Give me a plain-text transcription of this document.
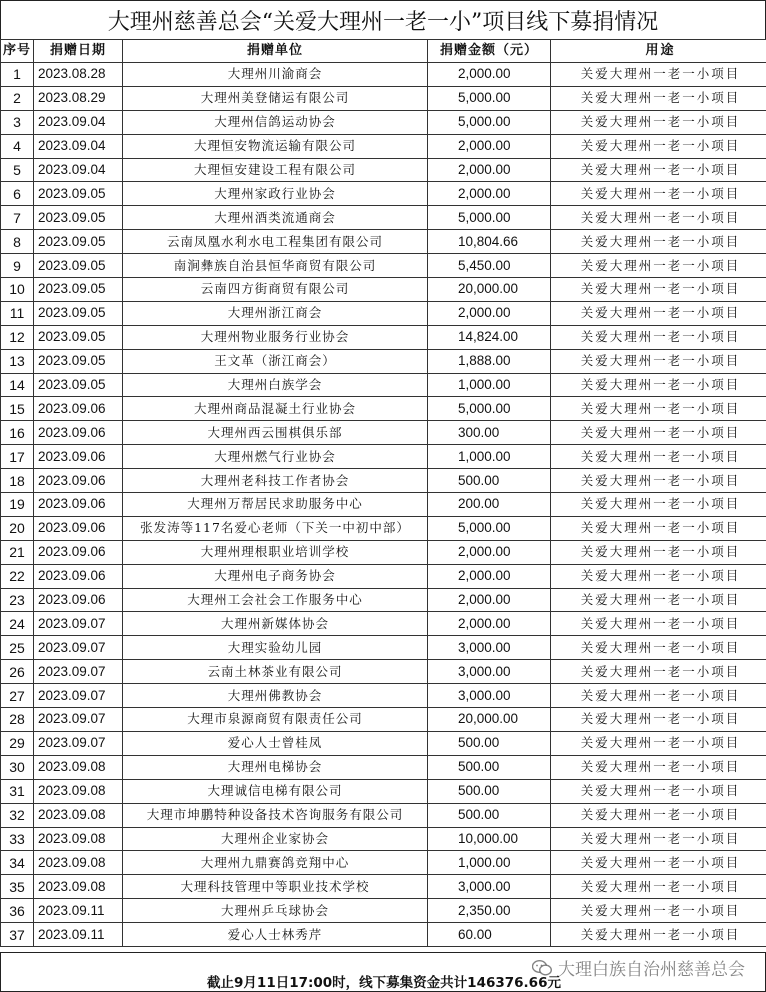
大理州慈善总会“关爱大理州一老一小”项目线下募捐情况
序号	捐赠日期	捐赠单位	捐赠金额（元）	用途
1	2023.08.28	大理州川渝商会	2,000.00	关爱大理州一老一小项目
2	2023.08.29	大理州美登储运有限公司	5,000.00	关爱大理州一老一小项目
3	2023.09.04	大理州信鸽运动协会	5,000.00	关爱大理州一老一小项目
4	2023.09.04	大理恒安物流运输有限公司	2,000.00	关爱大理州一老一小项目
5	2023.09.04	大理恒安建设工程有限公司	2,000.00	关爱大理州一老一小项目
6	2023.09.05	大理州家政行业协会	2,000.00	关爱大理州一老一小项目
7	2023.09.05	大理州酒类流通商会	5,000.00	关爱大理州一老一小项目
8	2023.09.05	云南凤凰水利水电工程集团有限公司	10,804.66	关爱大理州一老一小项目
9	2023.09.05	南涧彝族自治县恒华商贸有限公司	5,450.00	关爱大理州一老一小项目
10	2023.09.05	云南四方街商贸有限公司	20,000.00	关爱大理州一老一小项目
11	2023.09.05	大理州浙江商会	2,000.00	关爱大理州一老一小项目
12	2023.09.05	大理州物业服务行业协会	14,824.00	关爱大理州一老一小项目
13	2023.09.05	王文革（浙江商会）	1,888.00	关爱大理州一老一小项目
14	2023.09.05	大理州白族学会	1,000.00	关爱大理州一老一小项目
15	2023.09.06	大理州商品混凝土行业协会	5,000.00	关爱大理州一老一小项目
16	2023.09.06	大理州西云围棋俱乐部	300.00	关爱大理州一老一小项目
17	2023.09.06	大理州燃气行业协会	1,000.00	关爱大理州一老一小项目
18	2023.09.06	大理州老科技工作者协会	500.00	关爱大理州一老一小项目
19	2023.09.06	大理州万帮居民求助服务中心	200.00	关爱大理州一老一小项目
20	2023.09.06	张发涛等117名爱心老师（下关一中初中部）	5,000.00	关爱大理州一老一小项目
21	2023.09.06	大理州理根职业培训学校	2,000.00	关爱大理州一老一小项目
22	2023.09.06	大理州电子商务协会	2,000.00	关爱大理州一老一小项目
23	2023.09.06	大理州工会社会工作服务中心	2,000.00	关爱大理州一老一小项目
24	2023.09.07	大理州新媒体协会	2,000.00	关爱大理州一老一小项目
25	2023.09.07	大理实验幼儿园	3,000.00	关爱大理州一老一小项目
26	2023.09.07	云南土林茶业有限公司	3,000.00	关爱大理州一老一小项目
27	2023.09.07	大理州佛教协会	3,000.00	关爱大理州一老一小项目
28	2023.09.07	大理市泉源商贸有限责任公司	20,000.00	关爱大理州一老一小项目
29	2023.09.07	爱心人士曾桂凤	500.00	关爱大理州一老一小项目
30	2023.09.08	大理州电梯协会	500.00	关爱大理州一老一小项目
31	2023.09.08	大理诚信电梯有限公司	500.00	关爱大理州一老一小项目
32	2023.09.08	大理市坤鹏特种设备技术咨询服务有限公司	500.00	关爱大理州一老一小项目
33	2023.09.08	大理州企业家协会	10,000.00	关爱大理州一老一小项目
34	2023.09.08	大理州九鼎赛鸽竞翔中心	1,000.00	关爱大理州一老一小项目
35	2023.09.08	大理科技管理中等职业技术学校	3,000.00	关爱大理州一老一小项目
36	2023.09.11	大理州乒乓球协会	2,350.00	关爱大理州一老一小项目
37	2023.09.11	爱心人士林秀芹	60.00	关爱大理州一老一小项目
大理白族自治州慈善总会
截止9月11日17:00时，线下募集资金共计146376.66元
